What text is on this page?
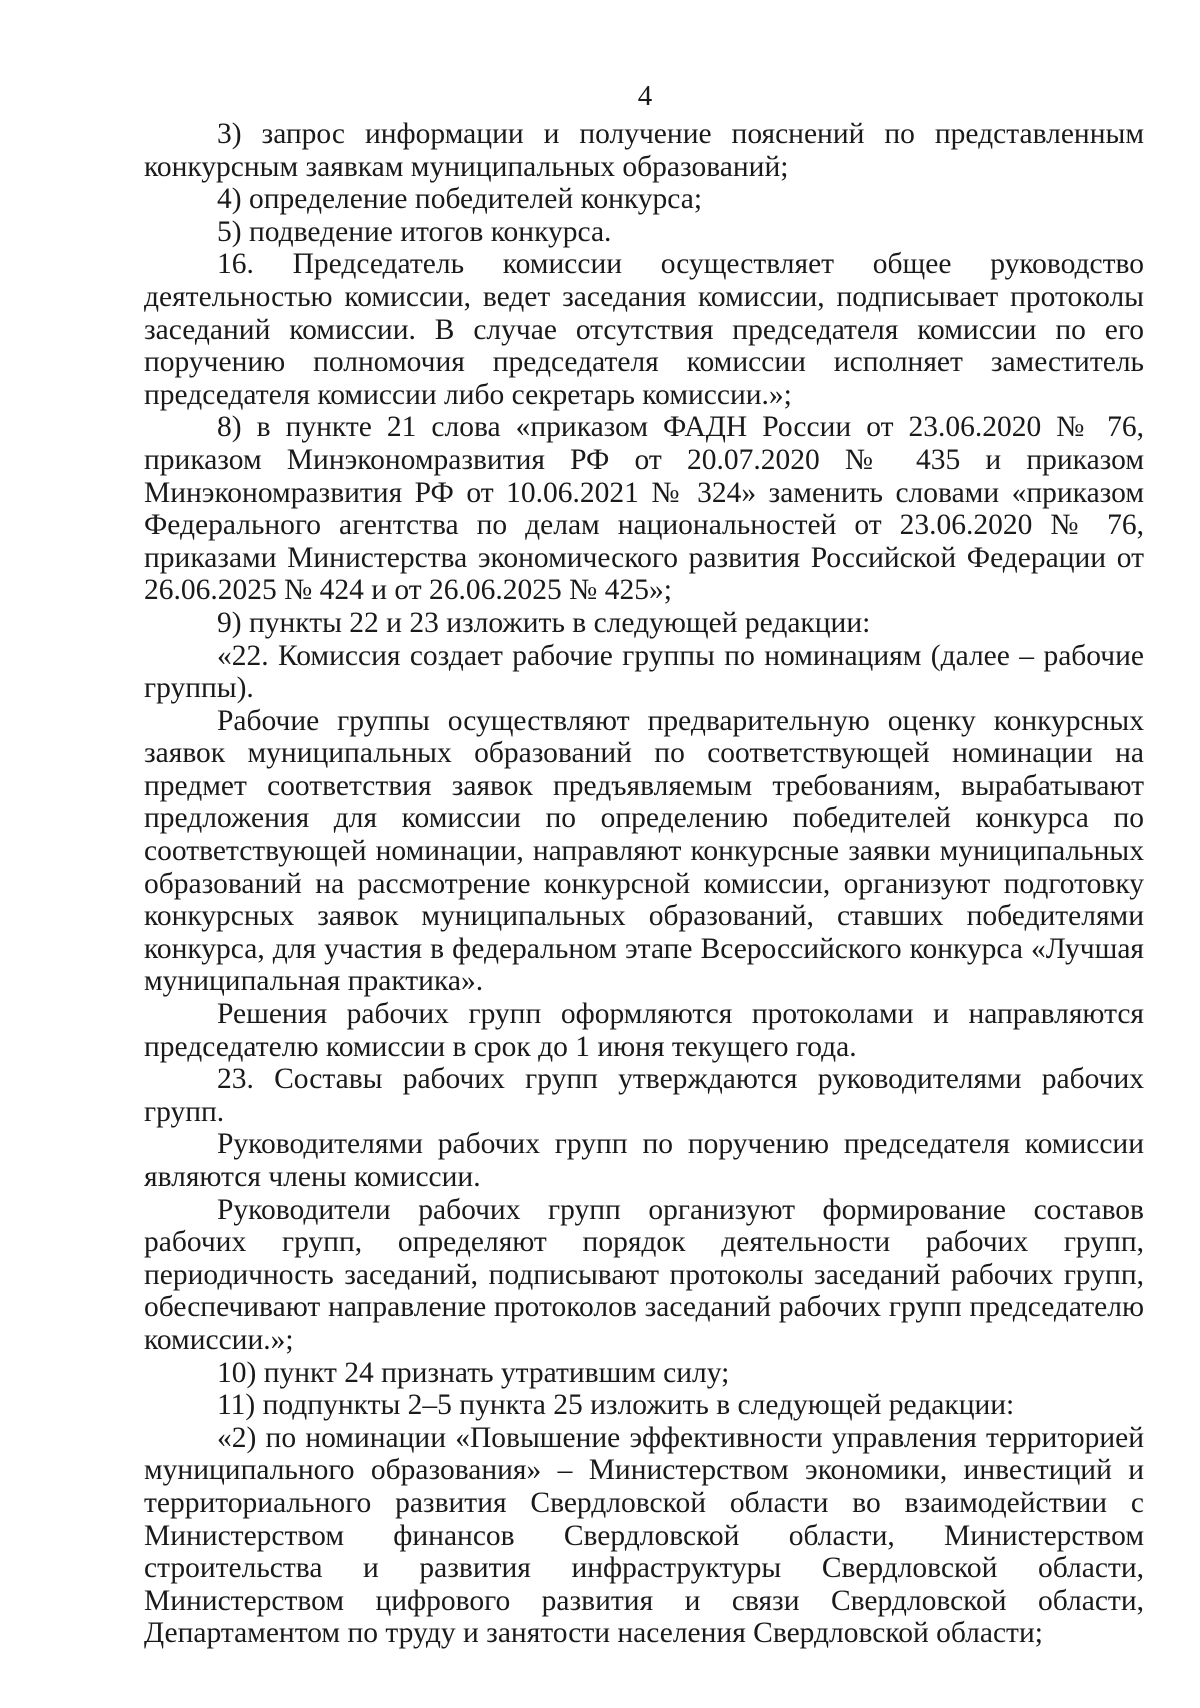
4

3) запрос информации и получение пояснений по представленным конкурсным заявкам муниципальных образований;

4) определение победителей конкурса;

5) подведение итогов конкурса.

16. Председатель комиссии осуществляет общее руководство деятельностью комиссии, ведет заседания комиссии, подписывает протоколы заседаний комиссии. В случае отсутствия председателя комиссии по его поручению полномочия председателя комиссии исполняет заместитель председателя комиссии либо секретарь комиссии.»;

8) в пункте 21 слова «приказом ФАДН России от 23.06.2020 № 76, приказом Минэкономразвития РФ от 20.07.2020 № 435 и приказом Минэкономразвития РФ от 10.06.2021 № 324» заменить словами «приказом Федерального агентства по делам национальностей от 23.06.2020 № 76, приказами Министерства экономического развития Российской Федерации от 26.06.2025 № 424 и от 26.06.2025 № 425»;

9) пункты 22 и 23 изложить в следующей редакции:

«22. Комиссия создает рабочие группы по номинациям (далее – рабочие группы).

Рабочие группы осуществляют предварительную оценку конкурсных заявок муниципальных образований по соответствующей номинации на предмет соответствия заявок предъявляемым требованиям, вырабатывают предложения для комиссии по определению победителей конкурса по соответствующей номинации, направляют конкурсные заявки муниципальных образований на рассмотрение конкурсной комиссии, организуют подготовку конкурсных заявок муниципальных образований, ставших победителями конкурса, для участия в федеральном этапе Всероссийского конкурса «Лучшая муниципальная практика».

Решения рабочих групп оформляются протоколами и направляются председателю комиссии в срок до 1 июня текущего года.

23. Составы рабочих групп утверждаются руководителями рабочих групп.

Руководителями рабочих групп по поручению председателя комиссии являются члены комиссии.

Руководители рабочих групп организуют формирование составов рабочих групп, определяют порядок деятельности рабочих групп, периодичность заседаний, подписывают протоколы заседаний рабочих групп, обеспечивают направление протоколов заседаний рабочих групп председателю комиссии.»;

10) пункт 24 признать утратившим силу;

11) подпункты 2–5 пункта 25 изложить в следующей редакции:

«2) по номинации «Повышение эффективности управления территорией муниципального образования» – Министерством экономики, инвестиций и территориального развития Свердловской области во взаимодействии с Министерством финансов Свердловской области, Министерством строительства и развития инфраструктуры Свердловской области, Министерством цифрового развития и связи Свердловской области, Департаментом по труду и занятости населения Свердловской области;
